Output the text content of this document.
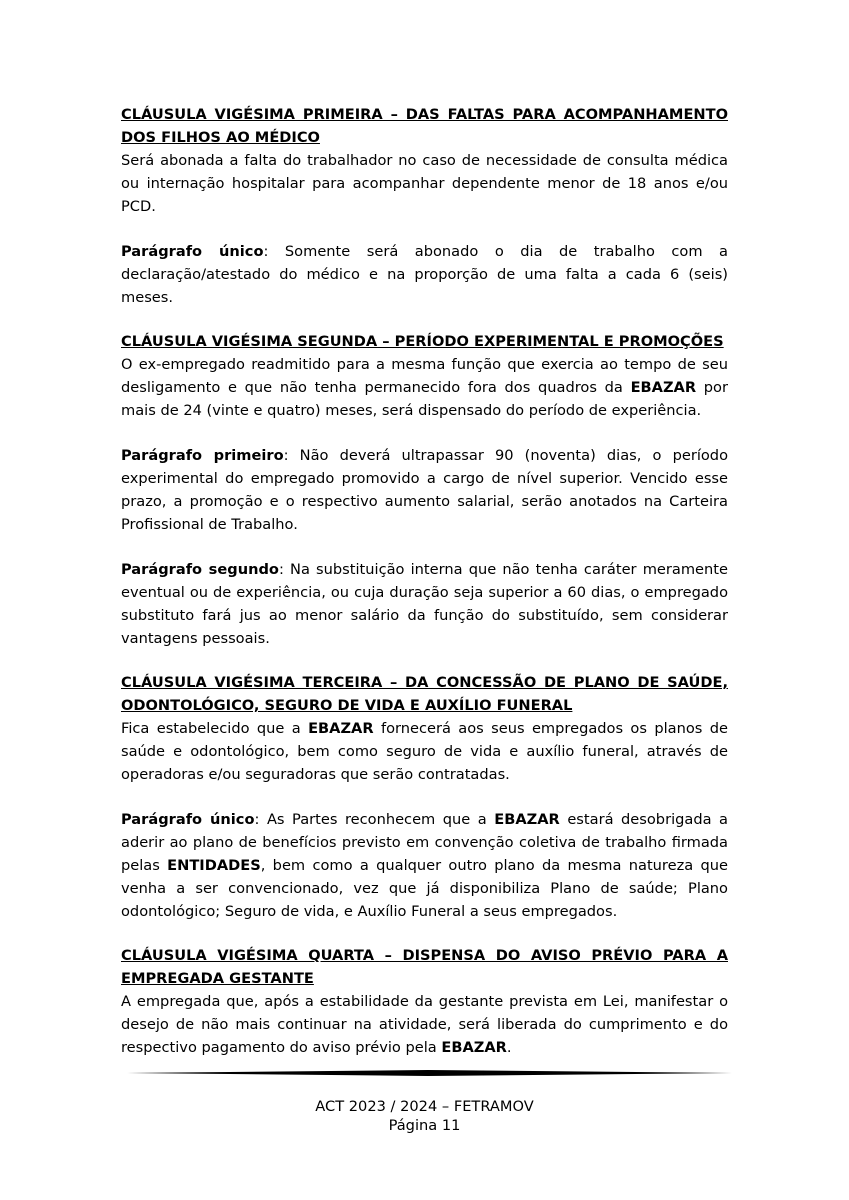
CLÁUSULA VIGÉSIMA PRIMEIRA – DAS FALTAS PARA ACOMPANHAMENTO
DOS FILHOS AO MÉDICO

Será abonada a falta do trabalhador no caso de necessidade de consulta médica ou internação hospitalar para acompanhar dependente menor de 18 anos e/ou PCD.

Parágrafo único: Somente será abonado o dia de trabalho com a declaração/atestado do médico e na proporção de uma falta a cada 6 (seis) meses.

CLÁUSULA VIGÉSIMA SEGUNDA – PERÍODO EXPERIMENTAL E PROMOÇÕES

O ex-empregado readmitido para a mesma função que exercia ao tempo de seu desligamento e que não tenha permanecido fora dos quadros da EBAZAR por mais de 24 (vinte e quatro) meses, será dispensado do período de experiência.

Parágrafo primeiro: Não deverá ultrapassar 90 (noventa) dias, o período experimental do empregado promovido a cargo de nível superior. Vencido esse prazo, a promoção e o respectivo aumento salarial, serão anotados na Carteira Profissional de Trabalho.

Parágrafo segundo: Na substituição interna que não tenha caráter meramente eventual ou de experiência, ou cuja duração seja superior a 60 dias, o empregado substituto fará jus ao menor salário da função do substituído, sem considerar vantagens pessoais.

CLÁUSULA VIGÉSIMA TERCEIRA – DA CONCESSÃO DE PLANO DE SAÚDE,
ODONTOLÓGICO, SEGURO DE VIDA E AUXÍLIO FUNERAL

Fica estabelecido que a EBAZAR fornecerá aos seus empregados os planos de saúde e odontológico, bem como seguro de vida e auxílio funeral, através de operadoras e/ou seguradoras que serão contratadas.

Parágrafo único: As Partes reconhecem que a EBAZAR estará desobrigada a aderir ao plano de benefícios previsto em convenção coletiva de trabalho firmada pelas ENTIDADES, bem como a qualquer outro plano da mesma natureza que venha a ser convencionado, vez que já disponibiliza Plano de saúde; Plano odontológico; Seguro de vida, e Auxílio Funeral a seus empregados.

CLÁUSULA VIGÉSIMA QUARTA – DISPENSA DO AVISO PRÉVIO PARA A
EMPREGADA GESTANTE

A empregada que, após a estabilidade da gestante prevista em Lei, manifestar o desejo de não mais continuar na atividade, será liberada do cumprimento e do respectivo pagamento do aviso prévio pela EBAZAR.

ACT 2023 / 2024 – FETRAMOV
Página 11
